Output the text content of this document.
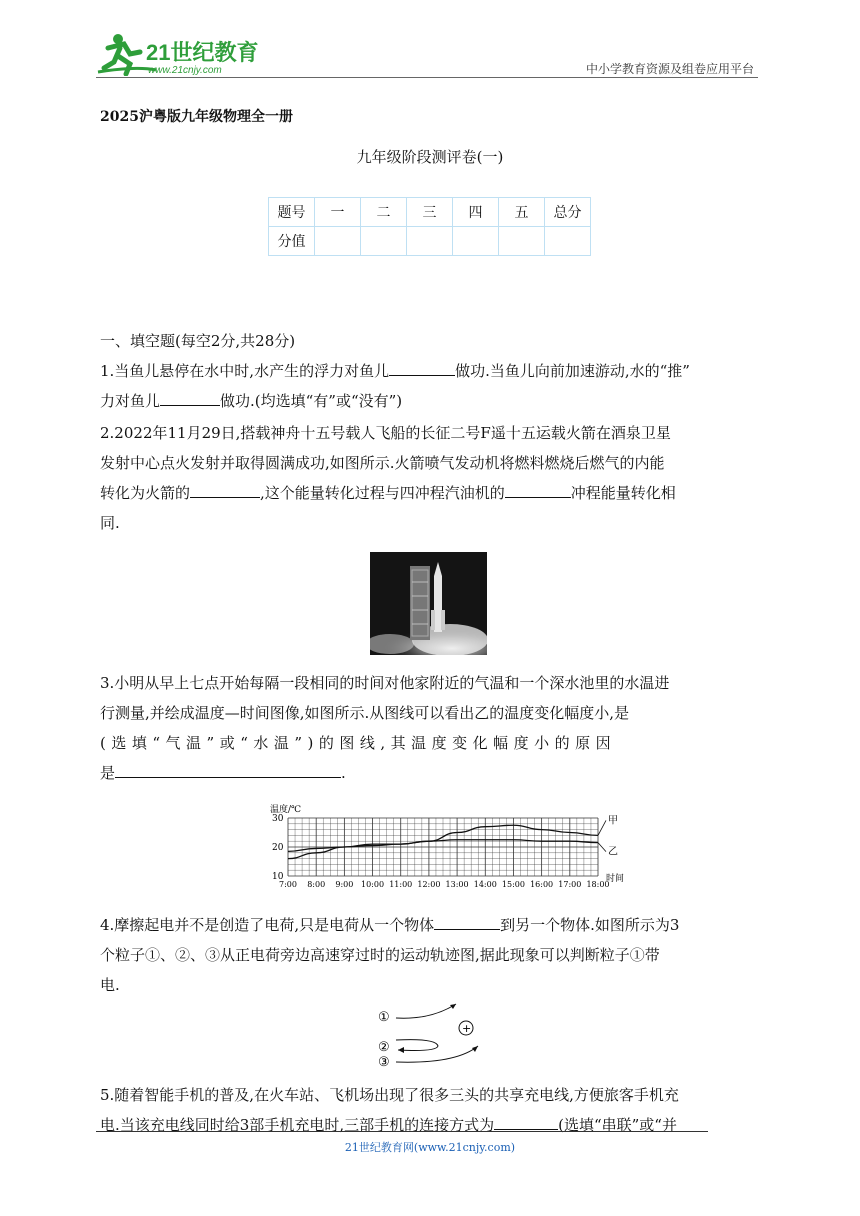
21世纪教育
www.21cnjy.com	中小学教育资源及组卷应用平台
2025沪粤版九年级物理全一册
九年级阶段测评卷(一)
题号	一	二	三	四	五	总分
分值						
一、填空题(每空2分,共28分)
1.当鱼儿悬停在水中时,水产生的浮力对鱼儿	做功.当鱼儿向前加速游动,水的“推”
力对鱼儿	做功.(均选填“有”或“没有”)
2.2022年11月29日,搭载神舟十五号载人飞船的长征二号F遥十五运载火箭在酒泉卫星
发射中心点火发射并取得圆满成功,如图所示.火箭喷气发动机将燃料燃烧后燃气的内能
转化为火箭的	,这个能量转化过程与四冲程汽油机的	冲程能量转化相
同.
3.小明从早上七点开始每隔一段相同的时间对他家附近的气温和一个深水池里的水温进
行测量,并绘成温度—时间图像,如图所示.从图线可以看出乙的温度变化幅度小,是
(选填“气温”或“水温”)的图线,其温度变化幅度小的原因
是	.
温度/℃
10
20
30
7:00 8:00 9:00 10:00 11:00 12:00 13:00 14:00 15:00 16:00 17:00 18:00
甲
乙
时间
4.摩擦起电并不是创造了电荷,只是电荷从一个物体	到另一个物体.如图所示为3
个粒子①、②、③从正电荷旁边高速穿过时的运动轨迹图,据此现象可以判断粒子①带
电.
①
②
③
+
5.随着智能手机的普及,在火车站、飞机场出现了很多三头的共享充电线,方便旅客手机充
电.当该充电线同时给3部手机充电时,三部手机的连接方式为	(选填“串联”或“并
21世纪教育网(www.21cnjy.com)
